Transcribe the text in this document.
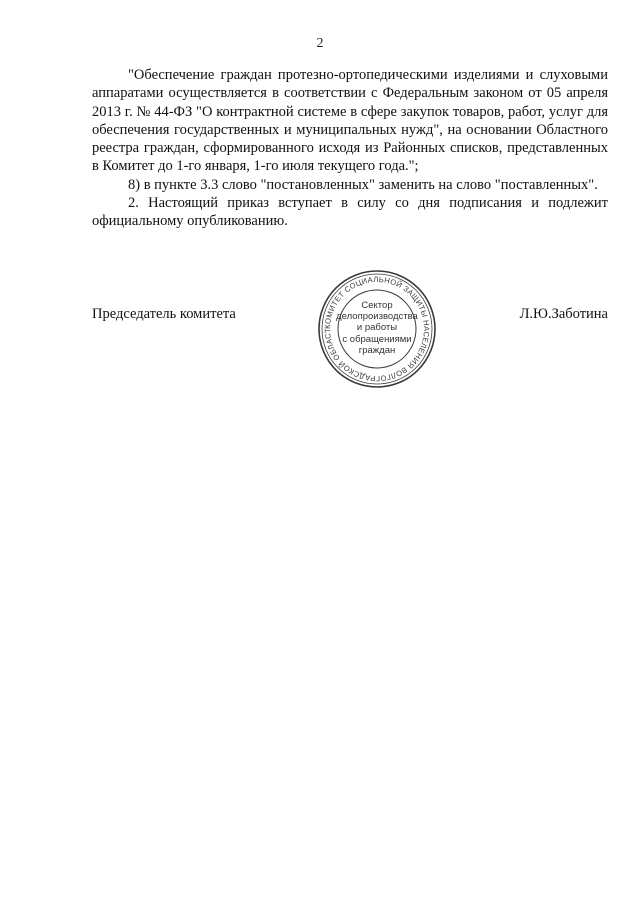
2

"Обеспечение граждан протезно-ортопедическими изделиями и слуховыми аппаратами осуществляется в соответствии с Федеральным законом от 05 апреля 2013 г. № 44-ФЗ "О контрактной системе в сфере закупок товаров, работ, услуг для обеспечения государственных и муниципальных нужд", на основании Областного реестра граждан, сформированного исходя из Районных списков, представленных в Комитет до 1-го января, 1-го июля текущего года.";

8) в пункте 3.3 слово "постановленных" заменить на слово "поставленных".

2. Настоящий приказ вступает в силу со дня подписания и подлежит официальному опубликованию.

Председатель комитета	Л.Ю.Заботина
КОМИТЕТ СОЦИАЛЬНОЙ ЗАЩИТЫ НАСЕЛЕНИЯ ВОЛГОГРАДСКОЙ ОБЛАСТ
Сектор
делопроизводства
и работы
с обращениями
граждан
